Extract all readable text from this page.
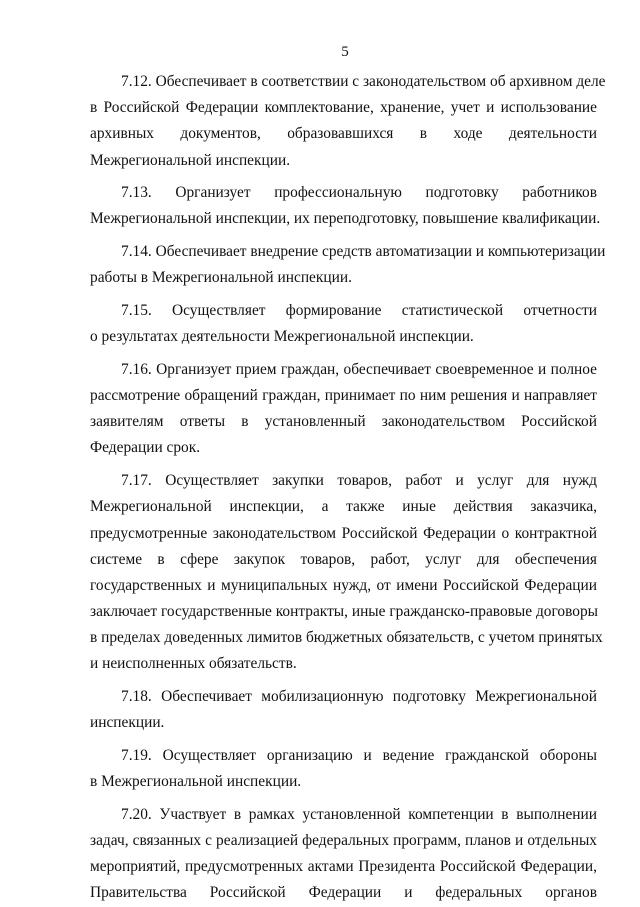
5
7.12. Обеспечивает в соответствии с законодательством об архивном деле
в Российской Федерации комплектование, хранение, учет и использование
архивных документов, образовавшихся в ходе деятельности
Межрегиональной инспекции.
7.13. Организует профессиональную подготовку работников
Межрегиональной инспекции, их переподготовку, повышение квалификации.
7.14. Обеспечивает внедрение средств автоматизации и компьютеризации
работы в Межрегиональной инспекции.
7.15. Осуществляет формирование статистической отчетности
о результатах деятельности Межрегиональной инспекции.
7.16. Организует прием граждан, обеспечивает своевременное и полное
рассмотрение обращений граждан, принимает по ним решения и направляет
заявителям ответы в установленный законодательством Российской
Федерации срок.
7.17. Осуществляет закупки товаров, работ и услуг для нужд
Межрегиональной инспекции, а также иные действия заказчика,
предусмотренные законодательством Российской Федерации о контрактной
системе в сфере закупок товаров, работ, услуг для обеспечения
государственных и муниципальных нужд, от имени Российской Федерации
заключает государственные контракты, иные гражданско-правовые договоры
в пределах доведенных лимитов бюджетных обязательств, с учетом принятых
и неисполненных обязательств.
7.18. Обеспечивает мобилизационную подготовку Межрегиональной
инспекции.
7.19. Осуществляет организацию и ведение гражданской обороны
в Межрегиональной инспекции.
7.20. Участвует в рамках установленной компетенции в выполнении
задач, связанных с реализацией федеральных программ, планов и отдельных
мероприятий, предусмотренных актами Президента Российской Федерации,
Правительства Российской Федерации и федеральных органов
